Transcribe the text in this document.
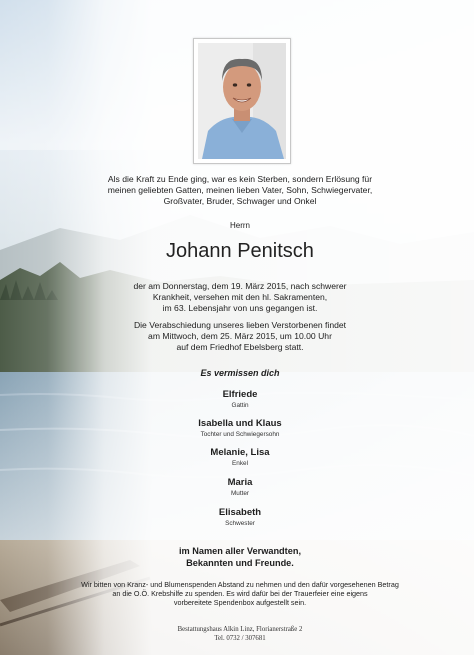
Als die Kraft zu Ende ging, war es kein Sterben, sondern Erlösung für
meinen geliebten Gatten, meinen lieben Vater, Sohn, Schwiegervater,
Großvater, Bruder, Schwager und Onkel
Herrn
Johann Penitsch
der am Donnerstag, dem 19. März 2015, nach schwerer
Krankheit, versehen mit den hl. Sakramenten,
im 63. Lebensjahr von uns gegangen ist.
Die Verabschiedung unseres lieben Verstorbenen findet
am Mittwoch, dem 25. März 2015, um 10.00 Uhr
auf dem Friedhof Ebelsberg statt.
Es vermissen dich
Elfriede
Gattin
Isabella und Klaus
Tochter und Schwiegersohn
Melanie, Lisa
Enkel
Maria
Mutter
Elisabeth
Schwester
im Namen aller Verwandten,
Bekannten und Freunde.
Wir bitten von Kranz- und Blumenspenden Abstand zu nehmen und den dafür vorgesehenen Betrag
an die O.Ö. Krebshilfe zu spenden. Es wird dafür bei der Trauerfeier eine eigens
vorbereitete Spendenbox aufgestellt sein.
Bestattungshaus Alkin Linz, Florianerstraße 2
Tel. 0732 / 307681
